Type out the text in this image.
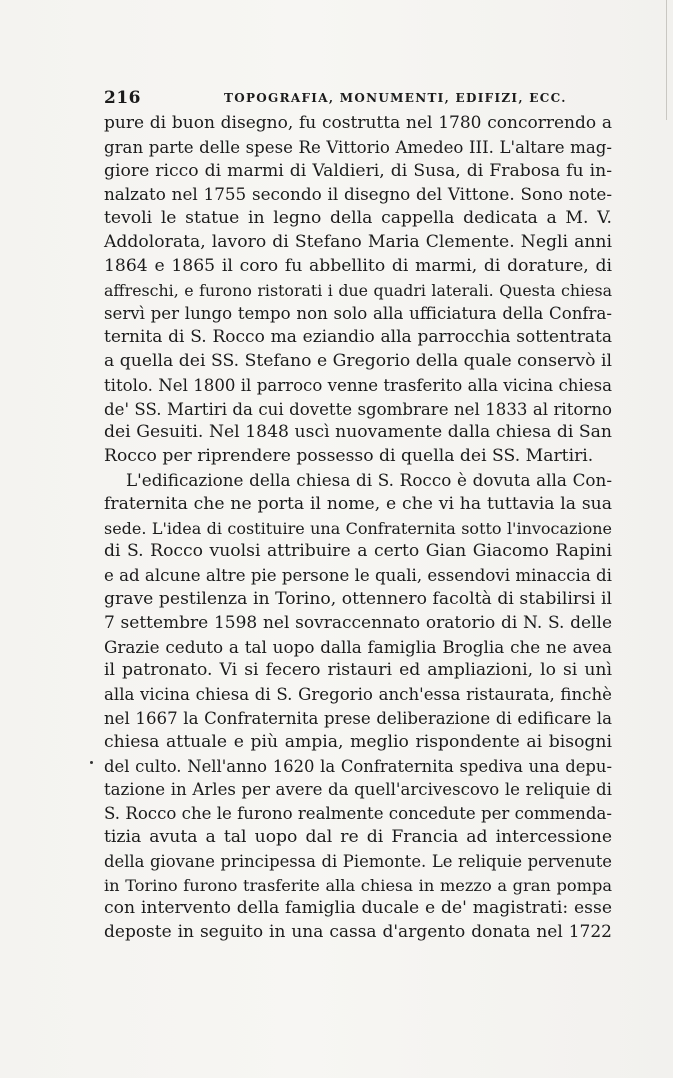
216	TOPOGRAFIA, MONUMENTI, EDIFIZI, ECC.
pure di buon disegno, fu costrutta nel 1780 concorrendo a
gran parte delle spese Re Vittorio Amedeo III. L'altare mag-
giore ricco di marmi di Valdieri, di Susa, di Frabosa fu in-
nalzato nel 1755 secondo il disegno del Vittone. Sono note-
tevoli le statue in legno della cappella dedicata a M. V.
Addolorata, lavoro di Stefano Maria Clemente. Negli anni
1864 e 1865 il coro fu abbellito di marmi, di dorature, di
affreschi, e furono ristorati i due quadri laterali. Questa chiesa
servì per lungo tempo non solo alla ufficiatura della Confra-
ternita di S. Rocco ma eziandio alla parrocchia sottentrata
a quella dei SS. Stefano e Gregorio della quale conservò il
titolo. Nel 1800 il parroco venne trasferito alla vicina chiesa
de' SS. Martiri da cui dovette sgombrare nel 1833 al ritorno
dei Gesuiti. Nel 1848 uscì nuovamente dalla chiesa di San
Rocco per riprendere possesso di quella dei SS. Martiri.
L'edificazione della chiesa di S. Rocco è dovuta alla Con-
fraternita che ne porta il nome, e che vi ha tuttavia la sua
sede. L'idea di costituire una Confraternita sotto l'invocazione
di S. Rocco vuolsi attribuire a certo Gian Giacomo Rapini
e ad alcune altre pie persone le quali, essendovi minaccia di
grave pestilenza in Torino, ottennero facoltà di stabilirsi il
7 settembre 1598 nel sovraccennato oratorio di N. S. delle
Grazie ceduto a tal uopo dalla famiglia Broglia che ne avea
il patronato. Vi si fecero ristauri ed ampliazioni, lo si unì
alla vicina chiesa di S. Gregorio anch'essa ristaurata, finchè
nel 1667 la Confraternita prese deliberazione di edificare la
chiesa attuale e più ampia, meglio rispondente ai bisogni
del culto. Nell'anno 1620 la Confraternita spediva una depu-
tazione in Arles per avere da quell'arcivescovo le reliquie di
S. Rocco che le furono realmente concedute per commenda-
tizia avuta a tal uopo dal re di Francia ad intercessione
della giovane principessa di Piemonte. Le reliquie pervenute
in Torino furono trasferite alla chiesa in mezzo a gran pompa
con intervento della famiglia ducale e de' magistrati: esse
deposte in seguito in una cassa d'argento donata nel 1722
